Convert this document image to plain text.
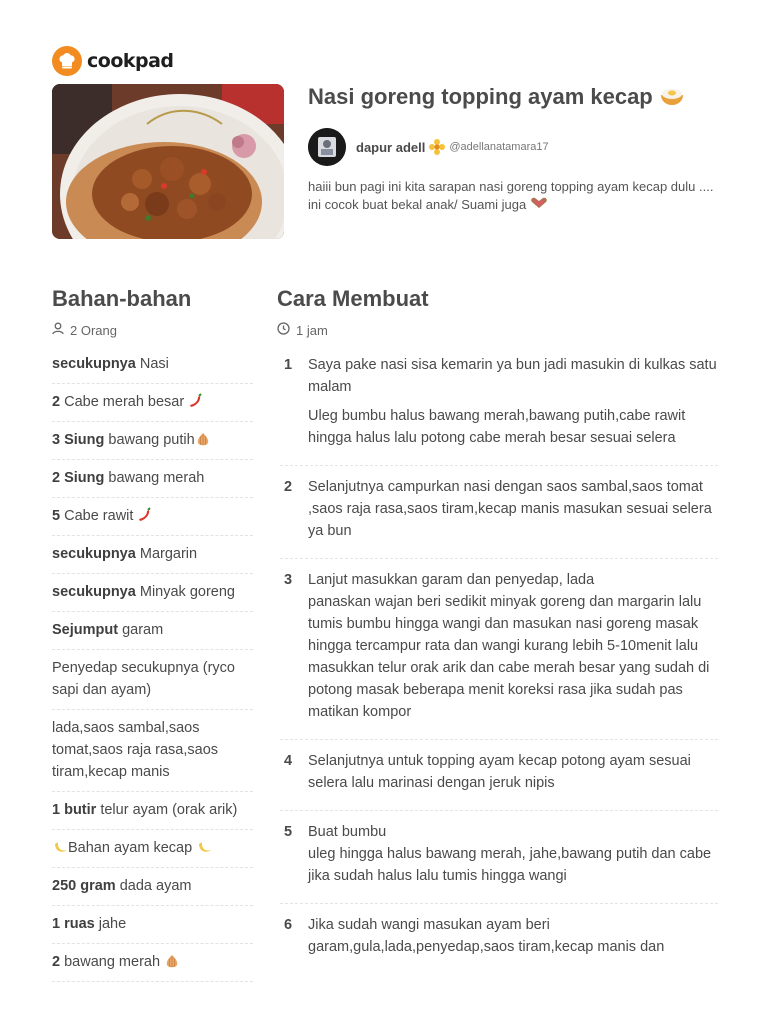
cookpad
Nasi goreng topping ayam kecap
dapur adell @adellanatamara17

haiii bun pagi ini kita sarapan nasi goreng topping ayam kecap dulu ....

ini cocok buat bekal anak/ Suami juga

Bahan-bahan
2 Orang
secukupnya Nasi
2 Cabe merah besar
3 Siung bawang putih
2 Siung bawang merah
5 Cabe rawit
secukupnya Margarin
secukupnya Minyak goreng
Sejumput garam
Penyedap secukupnya (ryco sapi dan ayam)
lada,saos sambal,saos tomat,saos raja rasa,saos tiram,kecap manis
1 butir telur ayam (orak arik)
Bahan ayam kecap
250 gram dada ayam
1 ruas jahe
2 bawang merah
Cara Membuat
1 jam
1	Saya pake nasi sisa kemarin ya bun jadi masukin di kulkas satu malam

Uleg bumbu halus bawang merah,bawang putih,cabe rawit hingga halus lalu potong cabe merah besar sesuai selera

2	Selanjutnya campurkan nasi dengan saos sambal,saos tomat ,saos raja rasa,saos tiram,kecap manis masukan sesuai selera ya bun

3	Lanjut masukkan garam dan penyedap, lada
panaskan wajan beri sedikit minyak goreng dan margarin lalu tumis bumbu hingga wangi dan masukan nasi goreng masak hingga tercampur rata dan wangi kurang lebih 5-10menit lalu masukkan telur orak arik dan cabe merah besar yang sudah di potong masak beberapa menit koreksi rasa jika sudah pas matikan kompor

4	Selanjutnya untuk topping ayam kecap potong ayam sesuai selera lalu marinasi dengan jeruk nipis

5	Buat bumbu
uleg hingga halus bawang merah, jahe,bawang putih dan cabe jika sudah halus lalu tumis hingga wangi

6	Jika sudah wangi masukan ayam beri garam,gula,lada,penyedap,saos tiram,kecap manis dan
